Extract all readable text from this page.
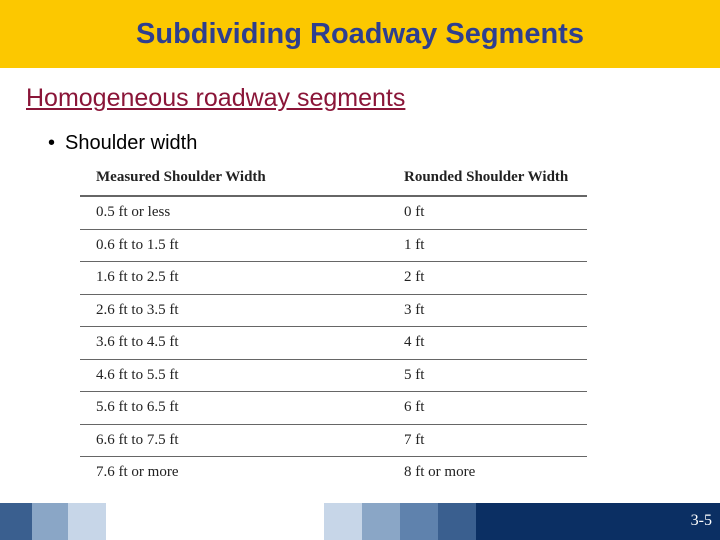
Subdividing Roadway Segments
Homogeneous roadway segments
• Shoulder width
Measured Shoulder Width	Rounded Shoulder Width
0.5 ft or less	0 ft
0.6 ft to 1.5 ft	1 ft
1.6 ft to 2.5 ft	2 ft
2.6 ft to 3.5 ft	3 ft
3.6 ft to 4.5 ft	4 ft
4.6 ft to 5.5 ft	5 ft
5.6 ft to 6.5 ft	6 ft
6.6 ft to 7.5 ft	7 ft
7.6 ft or more	8 ft or more
3-5
